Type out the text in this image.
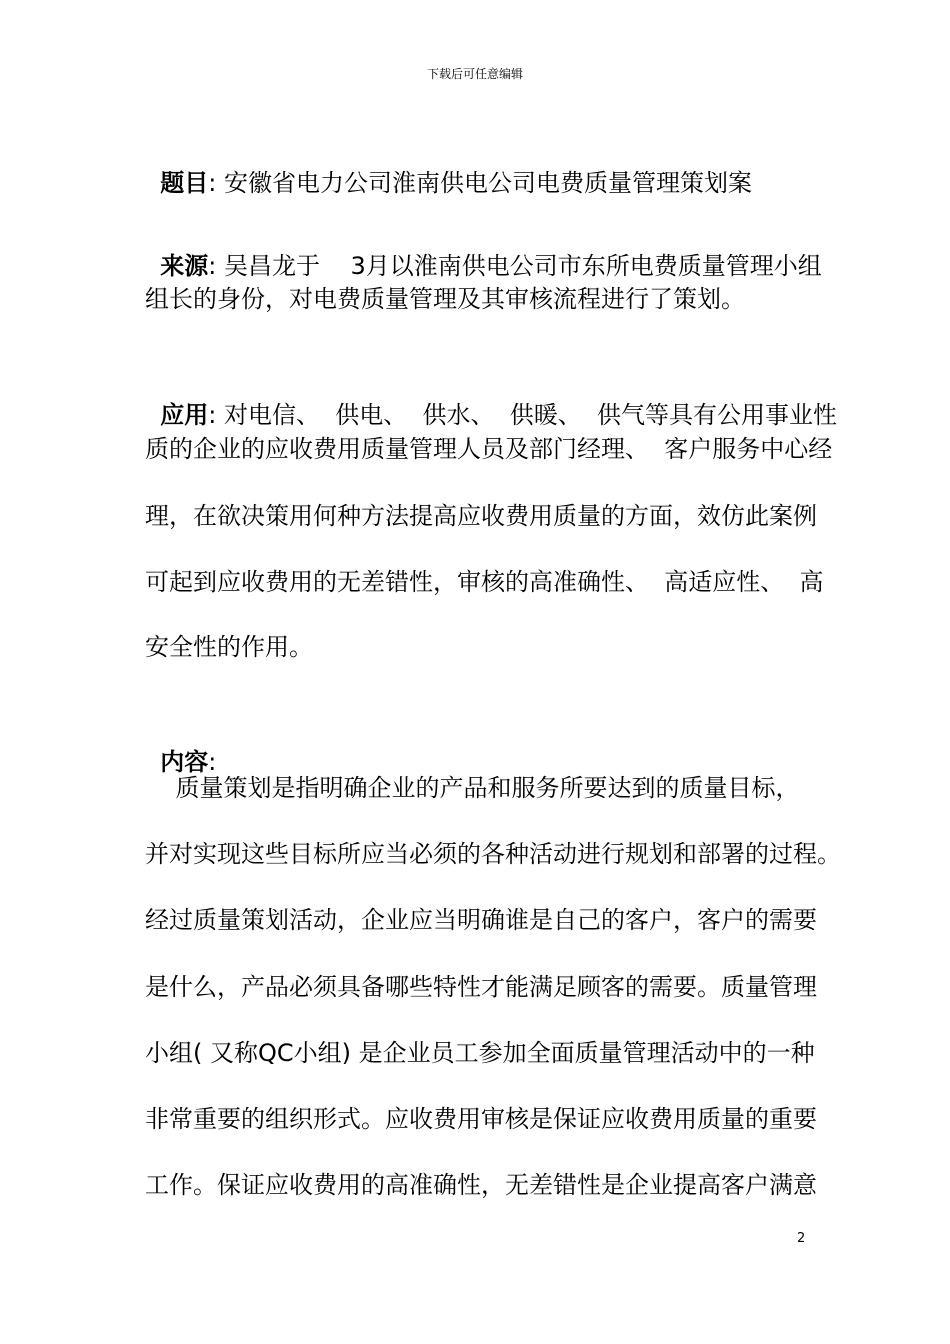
下载后可任意编辑

题目: 安徽省电力公司淮南供电公司电费质量管理策划案

来源: 吴昌龙于    3月以淮南供电公司市东所电费质量管理小组

组长的身份，对电费质量管理及其审核流程进行了策划。

应用: 对电信、  供电、  供水、  供暖、  供气等具有公用事业性

质的企业的应收费用质量管理人员及部门经理、  客户服务中心经
理，在欲决策用何种方法提高应收费用质量的方面，效仿此案例
可起到应收费用的无差错性，审核的高准确性、  高适应性、  高
安全性的作用。

内容:

质量策划是指明确企业的产品和服务所要达到的质量目标，
并对实现这些目标所应当必须的各种活动进行规划和部署的过程。
经过质量策划活动，企业应当明确谁是自己的客户，客户的需要
是什么，产品必须具备哪些特性才能满足顾客的需要。质量管理
小组( 又称QC小组) 是企业员工参加全面质量管理活动中的一种
非常重要的组织形式。应收费用审核是保证应收费用质量的重要
工作。保证应收费用的高准确性，无差错性是企业提高客户满意
2
